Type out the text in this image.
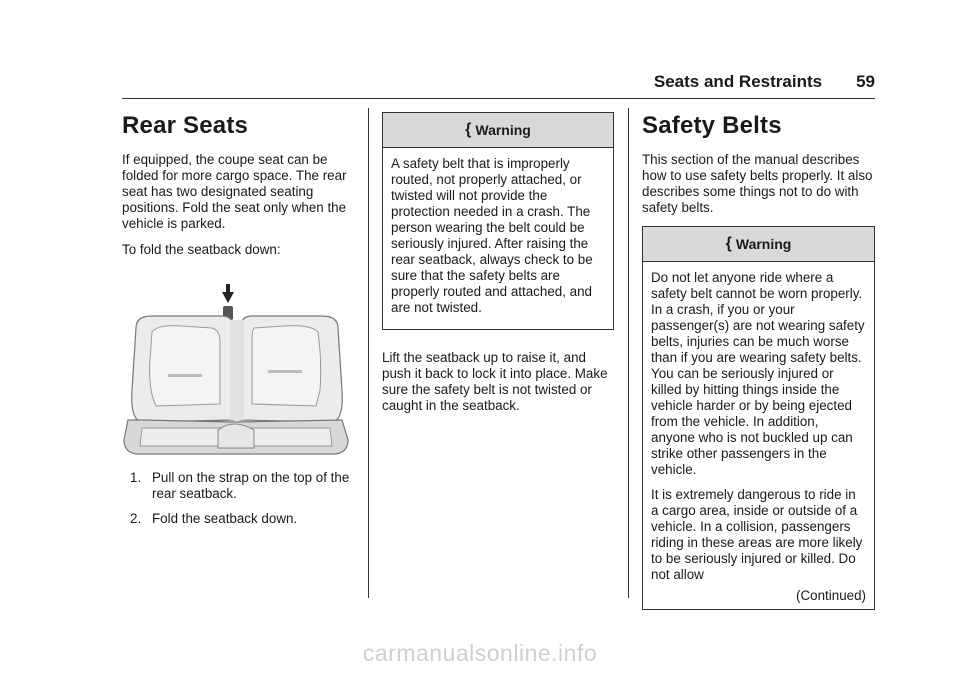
Seats and Restraints 59
Rear Seats

If equipped, the coupe seat can be folded for more cargo space. The rear seat has two designated seating positions. Fold the seat only when the vehicle is parked.

To fold the seatback down:

1. Pull on the strap on the top of the rear seatback.
2. Fold the seatback down.
{ Warning

A safety belt that is improperly routed, not properly attached, or twisted will not provide the protection needed in a crash. The person wearing the belt could be seriously injured. After raising the rear seatback, always check to be sure that the safety belts are properly routed and attached, and are not twisted.

Lift the seatback up to raise it, and push it back to lock it into place. Make sure the safety belt is not twisted or caught in the seatback.

Safety Belts

This section of the manual describes how to use safety belts properly. It also describes some things not to do with safety belts.

{ Warning

Do not let anyone ride where a safety belt cannot be worn properly. In a crash, if you or your passenger(s) are not wearing safety belts, injuries can be much worse than if you are wearing safety belts. You can be seriously injured or killed by hitting things inside the vehicle harder or by being ejected from the vehicle. In addition, anyone who is not buckled up can strike other passengers in the vehicle.

It is extremely dangerous to ride in a cargo area, inside or outside of a vehicle. In a collision, passengers riding in these areas are more likely to be seriously injured or killed. Do not allow

(Continued)
carmanualsonline.info
